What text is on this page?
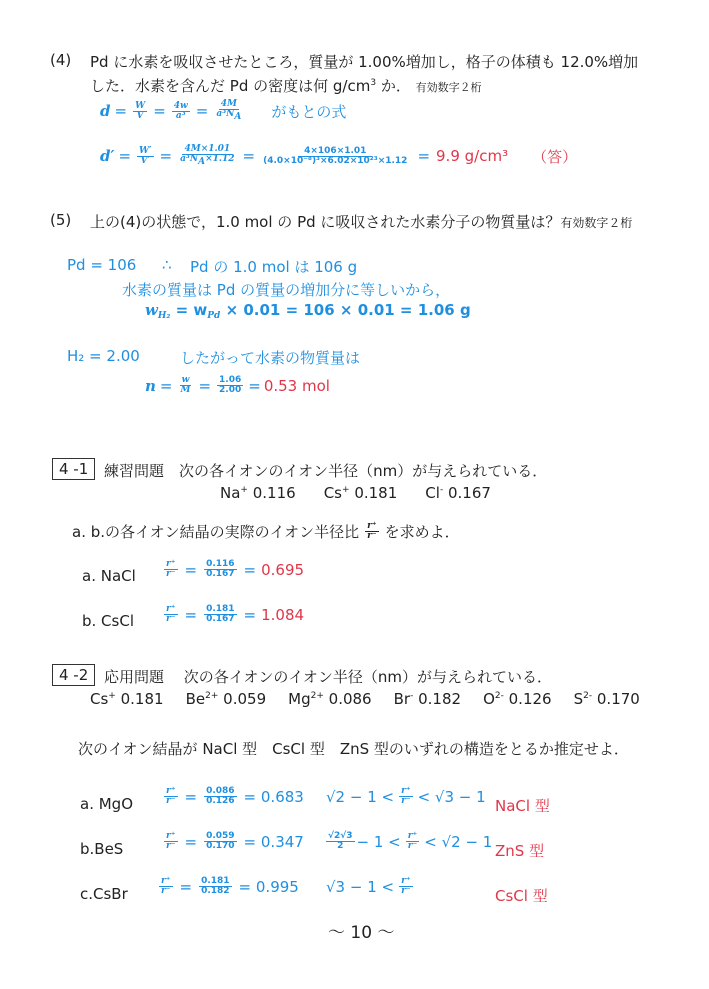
(4) Pd に水素を吸収させたところ，質量が 1.00%増加し，格子の体積も 12.0%増加
した．水素を含んだ Pd の密度は何 $g/cm^3$ か． 有効数字２桁
$d = \frac{W}{V} = \frac{4w}{\text{a³}} = \frac{4M}{a^3N_A}$ がもとの式
$d' = \frac{W'}{V'} = \frac{4M\times 1.01}{a^3N_A\times 1.12} = \frac{4\times 106\times 1.01}{\text{(4.0×10⁻⁸)³×6.02×10²³×1.12}} = 9.9$ g/cm³ （答）
(5) 上の(4)の状態で，1.0 mol の Pd に吸収された水素分子の物質量は？有効数字２桁
Pd = 106 ∴ Pd の 1.0 mol は 106 g
水素の質量は Pd の質量の増加分に等しいから，
$w_{H_2} = w_{Pd} \times 0.01 = 106 \times 0.01 = 1.06$ g
H₂ = 2.00	したがって水素の物質量は
$n = \frac{w}{M} = \frac{1.06}{2.00} = 0.53$ mol
4 -1	練習問題　次の各イオンのイオン半径（nm）が与えられている．
Na+ 0.116 Cs+ 0.181 Cl- 0.167
a. b.の各イオン結晶の実際のイオン半径比 $\frac{r^+}{r^-}$ を求めよ．
a. NaCl	$\frac{r^+}{r^-} = \frac{0.116}{0.167} = 0.695$
b. CsCl	$\frac{r^+}{r^-} = \frac{0.181}{0.167} = 1.084$
4 -2	応用問題　 次の各イオンのイオン半径（nm）が与えられている．
Cs+ 0.181 $Be^{2+}$ 0.059 $Mg^{2+}$ 0.086 Br- 0.182 $O^{2-}$ 0.126 $S^{2-}$ 0.170
次のイオン結晶が NaCl 型　CsCl 型　ZnS 型のいずれの構造をとるか推定せよ．
a. MgO	$\frac{r^+}{r^-} = \frac{0.086}{0.126} = 0.683$ $√2 - 1 < \frac{r^+}{r^-} < √3 - 1$
NaCl 型
b.BeS	$\frac{r^+}{r^-} = \frac{0.059}{0.170} = 0.347 \frac{√2√3}{2} - 1 < \frac{r^+}{r^-} < √2 - 1$
ZnS 型
c.CsBr	$\frac{r^+}{r^-} = \frac{0.181}{0.182} = 0.995$ $√3 - 1 < \frac{r^+}{r^-}$	CsCl 型
～ 10 ～
